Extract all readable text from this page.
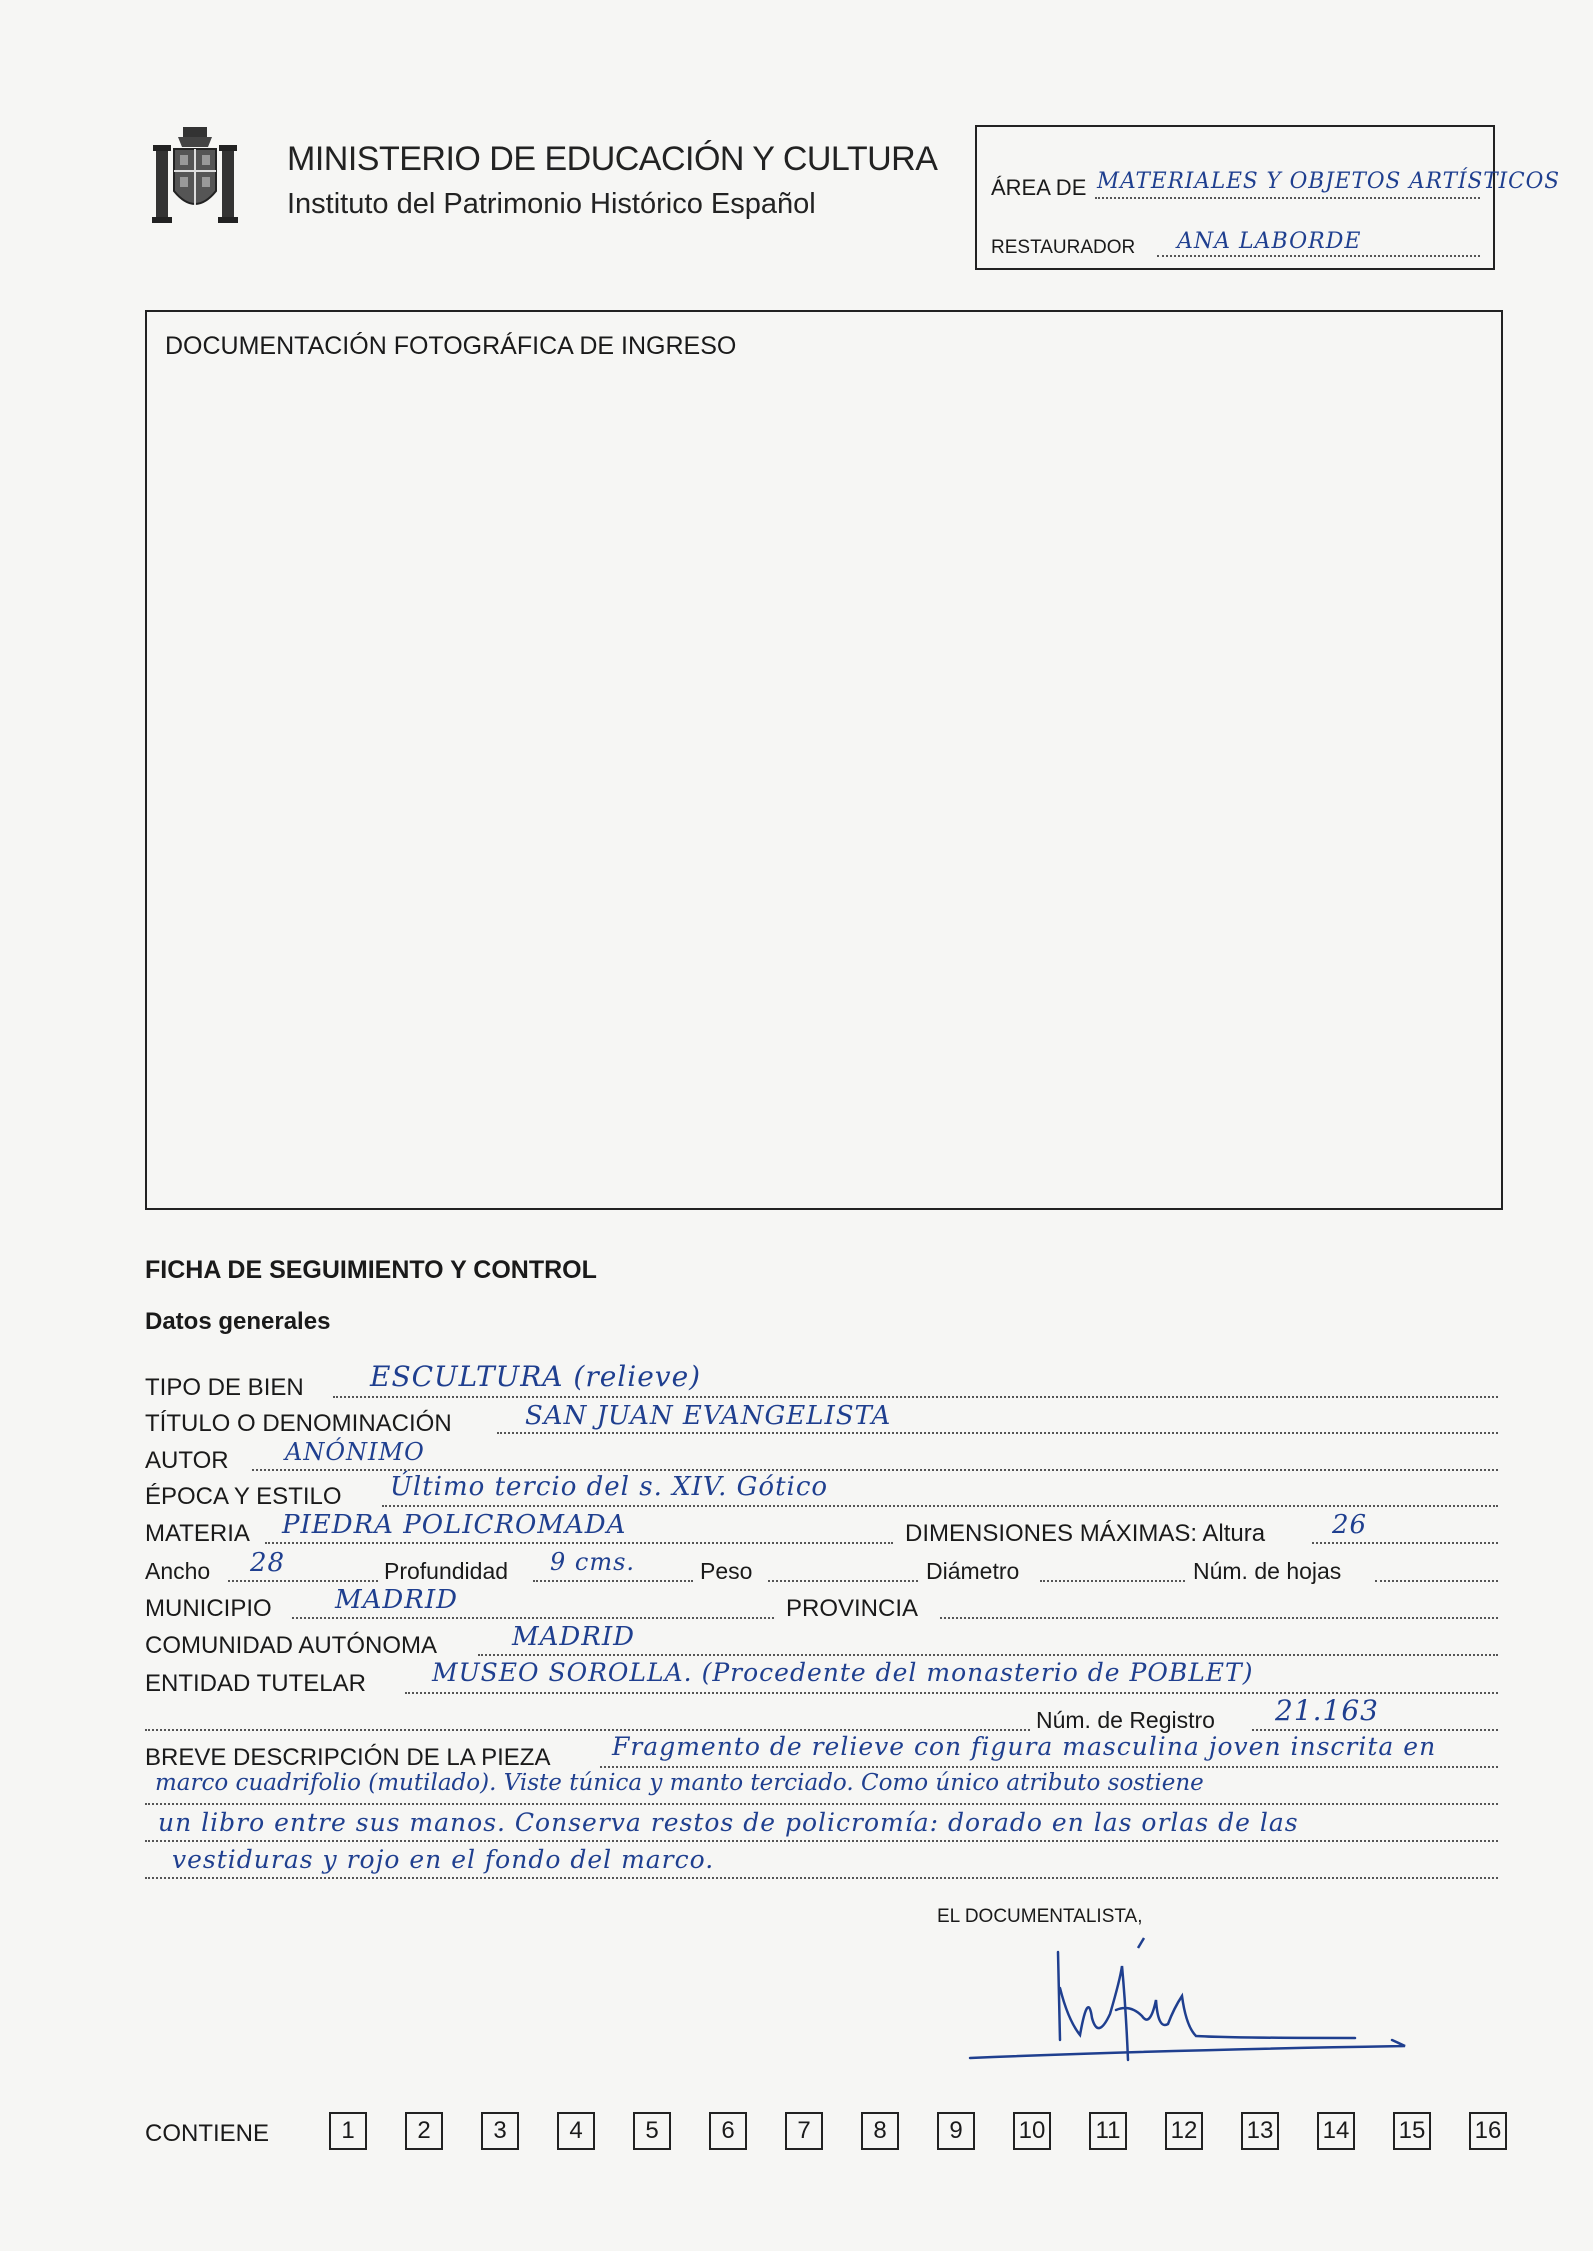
MINISTERIO DE EDUCACIÓN Y CULTURA
Instituto del Patrimonio Histórico Español
ÁREA DE MATERIALES Y OBJETOS ARTÍSTICOS
RESTAURADOR ANA LABORDE
DOCUMENTACIÓN FOTOGRÁFICA DE INGRESO
FICHA DE SEGUIMIENTO Y CONTROL
Datos generales
TIPO DE BIEN ESCULTURA (relieve)
TÍTULO O DENOMINACIÓN	SAN JUAN EVANGELISTA
AUTOR ANÓNIMO
ÉPOCA Y ESTILO Último tercio del s. XIV. Gótico
MATERIA PIEDRA POLICROMADA	DIMENSIONES MÁXIMAS: Altura	26
Ancho 28	Profundidad 9 cms.	Peso	Diámetro	Núm. de hojas
MUNICIPIO MADRID	PROVINCIA
COMUNIDAD AUTÓNOMA	MADRID
ENTIDAD TUTELAR	MUSEO SOROLLA. (Procedente del monasterio de POBLET)
Núm. de Registro 21.163
BREVE DESCRIPCIÓN DE LA PIEZA Fragmento de relieve con figura masculina joven inscrita en
marco cuadrifolio (mutilado). Viste túnica y manto terciado. Como único atributo sostiene
un libro entre sus manos. Conserva restos de policromía: dorado en las orlas de las
vestiduras y rojo en el fondo del marco.
EL DOCUMENTALISTA,
CONTIENE	1	2	3	4	5	6	7	8	9	10 11 12 13 14 15 16
